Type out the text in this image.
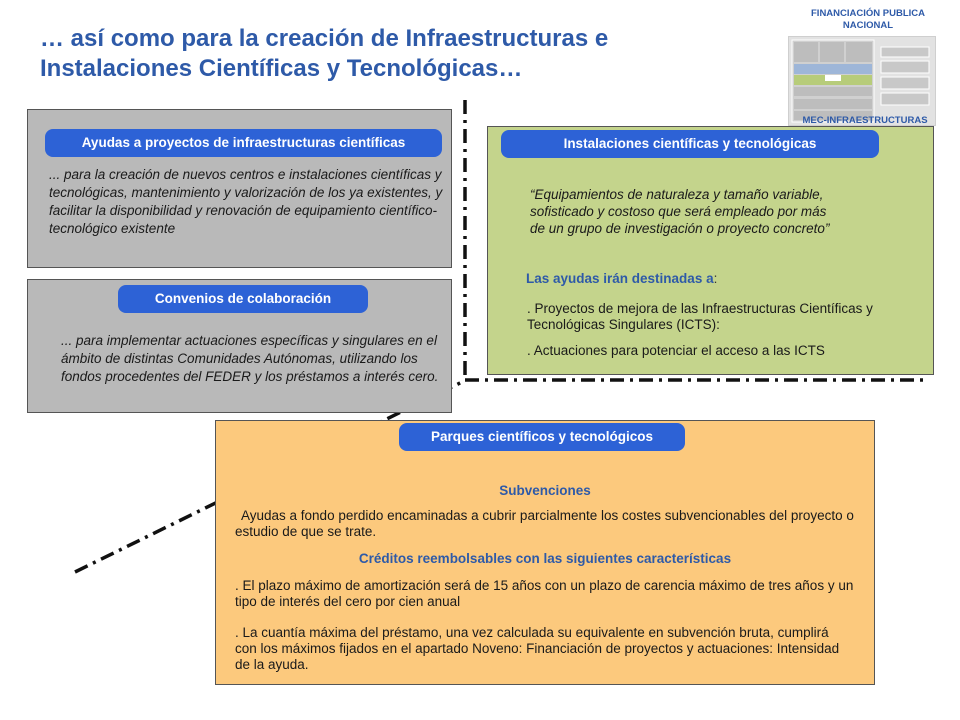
… así como para la creación de Infraestructuras e Instalaciones Científicas y Tecnológicas…
FINANCIACIÓN PUBLICA NACIONAL
MEC-INFRAESTRUCTURAS
Ayudas a proyectos de infraestructuras científicas
... para la creación de nuevos centros e instalaciones científicas y tecnológicas, mantenimiento y valorización de los ya existentes, y facilitar la disponibilidad y renovación de equipamiento científico-tecnológico existente
Convenios de colaboración
... para implementar actuaciones específicas y singulares en el ámbito de distintas Comunidades Autónomas, utilizando los fondos procedentes del FEDER y los préstamos a interés cero.
Instalaciones científicas y tecnológicas
“Equipamientos de naturaleza y tamaño variable, sofisticado y costoso que será empleado por más de un grupo de investigación o proyecto concreto”
Las ayudas irán destinadas a:
. Proyectos de mejora de las Infraestructuras Científicas y Tecnológicas Singulares (ICTS):
. Actuaciones para potenciar el acceso a las ICTS
Parques científicos y tecnológicos
Subvenciones
Ayudas a fondo perdido encaminadas a cubrir parcialmente los costes subvencionables del proyecto o estudio de que se trate.
Créditos reembolsables con las siguientes características
. El plazo máximo de amortización será de 15 años con un plazo de carencia máximo de tres años y un tipo de interés del cero por cien anual
. La cuantía máxima del préstamo, una vez calculada su equivalente en subvención bruta, cumplirá con los máximos fijados en el apartado Noveno: Financiación de proyectos y actuaciones: Intensidad de la ayuda.
